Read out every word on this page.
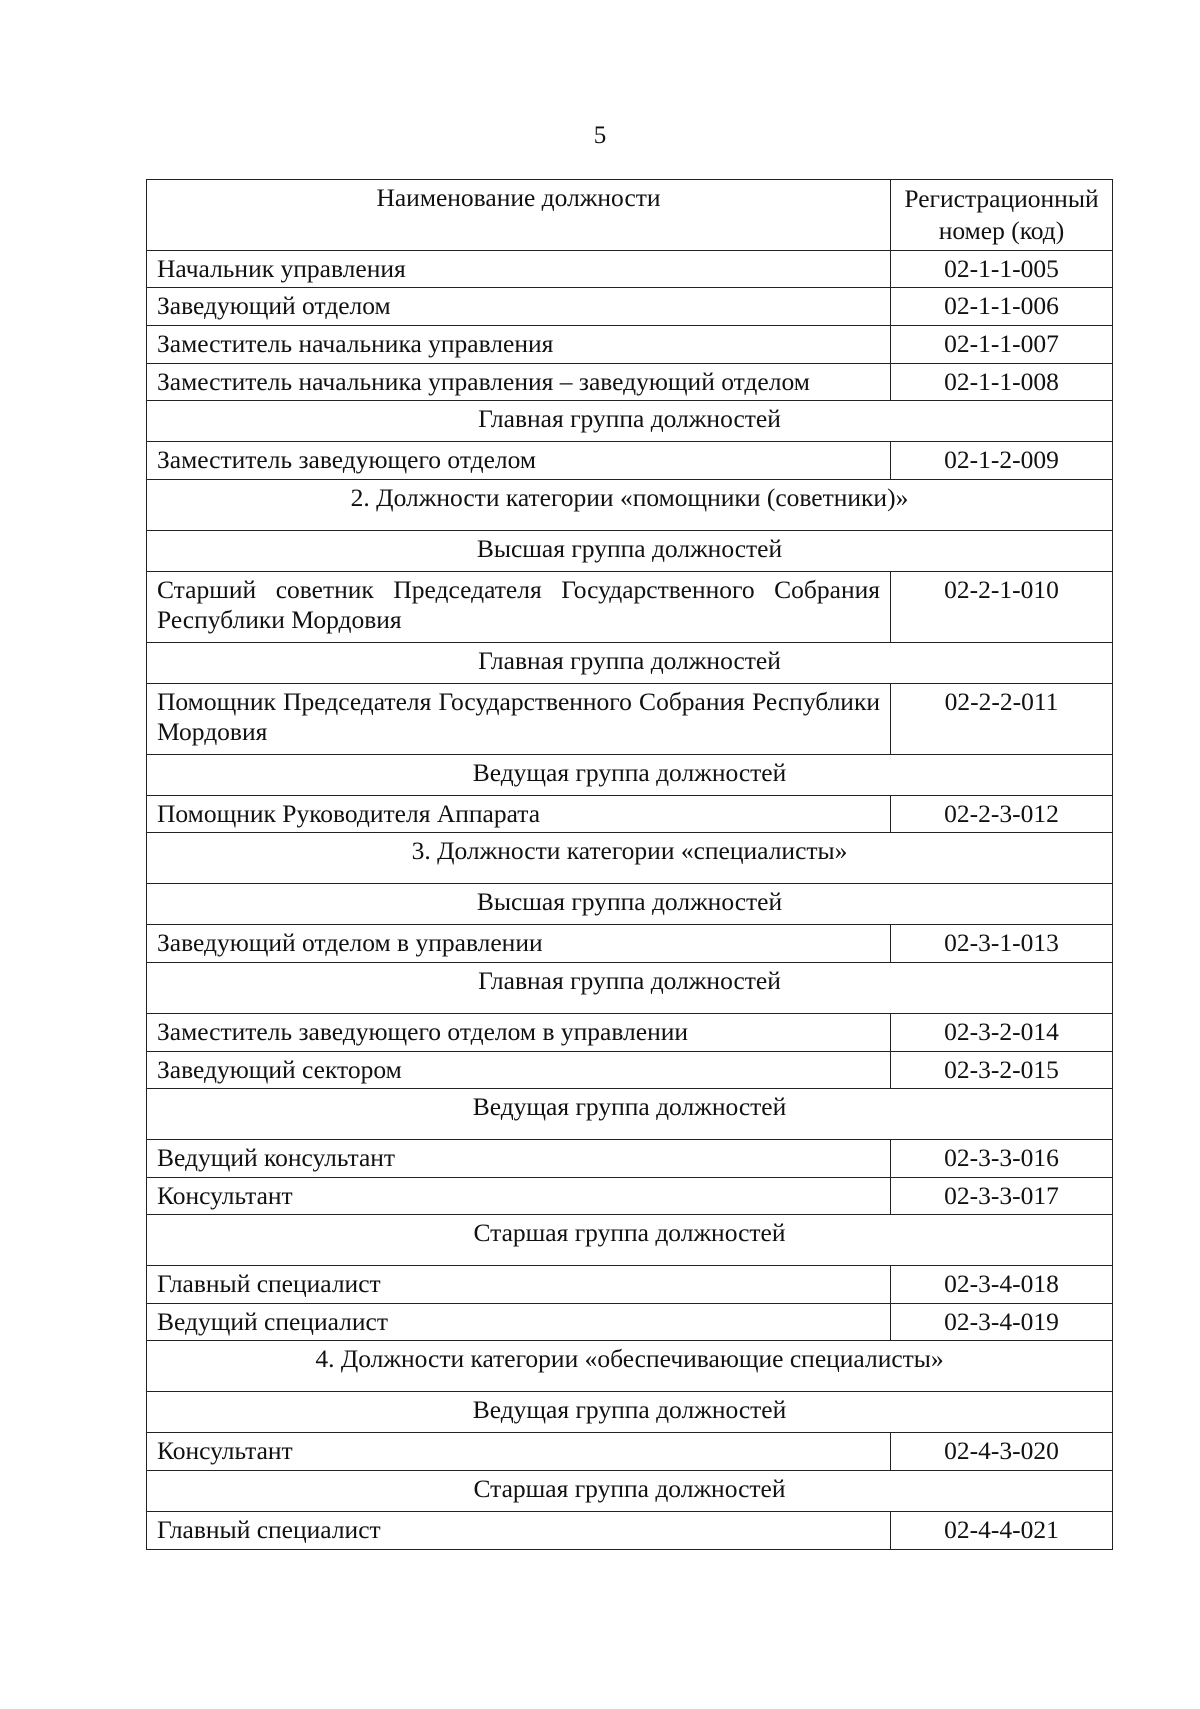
5
Наименование должности	Регистрационный номер (код)
Начальник управления	02-1-1-005
Заведующий отделом	02-1-1-006
Заместитель начальника управления	02-1-1-007
Заместитель начальника управления – заведующий отделом	02-1-1-008
Главная группа должностей	
Заместитель заведующего отделом	02-1-2-009
2. Должности категории «помощники (советники)»	
Высшая группа должностей	
Старший советник Председателя Государственного Собрания Республики Мордовия	02-2-1-010
Главная группа должностей	
Помощник Председателя Государственного Собрания Республики Мордовия	02-2-2-011
Ведущая группа должностей	
Помощник Руководителя Аппарата	02-2-3-012
3. Должности категории «специалисты»	
Высшая группа должностей	
Заведующий отделом в управлении	02-3-1-013
Главная группа должностей	
Заместитель заведующего отделом в управлении	02-3-2-014
Заведующий сектором	02-3-2-015
Ведущая группа должностей	
Ведущий консультант	02-3-3-016
Консультант	02-3-3-017
Старшая группа должностей	
Главный специалист	02-3-4-018
Ведущий специалист	02-3-4-019
4. Должности категории «обеспечивающие специалисты»	
Ведущая группа должностей	
Консультант	02-4-3-020
Старшая группа должностей	
Главный специалист	02-4-4-021
